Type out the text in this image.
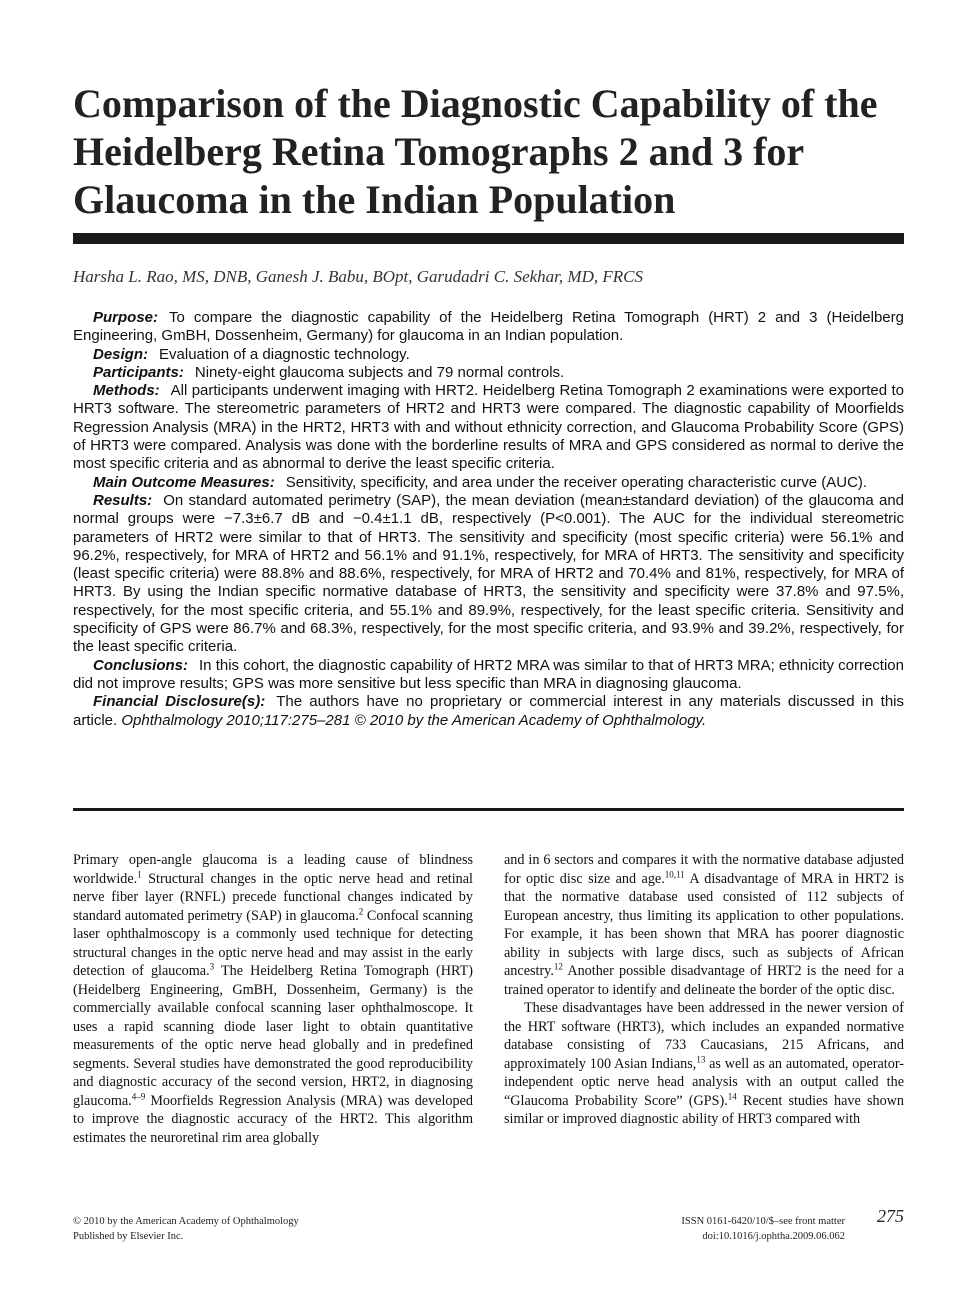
Comparison of the Diagnostic Capability of the Heidelberg Retina Tomographs 2 and 3 for Glaucoma in the Indian Population
Harsha L. Rao, MS, DNB, Ganesh J. Babu, BOpt, Garudadri C. Sekhar, MD, FRCS

Purpose: To compare the diagnostic capability of the Heidelberg Retina Tomograph (HRT) 2 and 3 (Heidelberg Engineering, GmBH, Dossenheim, Germany) for glaucoma in an Indian population.

Design: Evaluation of a diagnostic technology.

Participants: Ninety-eight glaucoma subjects and 79 normal controls.

Methods: All participants underwent imaging with HRT2. Heidelberg Retina Tomograph 2 examinations were exported to HRT3 software. The stereometric parameters of HRT2 and HRT3 were compared. The diagnostic capability of Moorfields Regression Analysis (MRA) in the HRT2, HRT3 with and without ethnicity correction, and Glaucoma Probability Score (GPS) of HRT3 were compared. Analysis was done with the borderline results of MRA and GPS considered as normal to derive the most specific criteria and as abnormal to derive the least specific criteria.

Main Outcome Measures: Sensitivity, specificity, and area under the receiver operating characteristic curve (AUC).

Results: On standard automated perimetry (SAP), the mean deviation (mean±standard deviation) of the glaucoma and normal groups were −7.3±6.7 dB and −0.4±1.1 dB, respectively (P<0.001). The AUC for the individual stereometric parameters of HRT2 were similar to that of HRT3. The sensitivity and specificity (most specific criteria) were 56.1% and 96.2%, respectively, for MRA of HRT2 and 56.1% and 91.1%, respectively, for MRA of HRT3. The sensitivity and specificity (least specific criteria) were 88.8% and 88.6%, respectively, for MRA of HRT2 and 70.4% and 81%, respectively, for MRA of HRT3. By using the Indian specific normative database of HRT3, the sensitivity and specificity were 37.8% and 97.5%, respectively, for the most specific criteria, and 55.1% and 89.9%, respectively, for the least specific criteria. Sensitivity and specificity of GPS were 86.7% and 68.3%, respectively, for the most specific criteria, and 93.9% and 39.2%, respectively, for the least specific criteria.

Conclusions: In this cohort, the diagnostic capability of HRT2 MRA was similar to that of HRT3 MRA; ethnicity correction did not improve results; GPS was more sensitive but less specific than MRA in diagnosing glaucoma.

Financial Disclosure(s): The authors have no proprietary or commercial interest in any materials discussed in this article. Ophthalmology 2010;117:275–281 © 2010 by the American Academy of Ophthalmology.

Primary open-angle glaucoma is a leading cause of blindness worldwide.$^1$ Structural changes in the optic nerve head and retinal nerve fiber layer (RNFL) precede functional changes indicated by standard automated perimetry (SAP) in glaucoma.$^2$ Confocal scanning laser ophthalmoscopy is a commonly used technique for detecting structural changes in the optic nerve head and may assist in the early detection of glaucoma.$^3$ The Heidelberg Retina Tomograph (HRT) (Heidelberg Engineering, GmBH, Dossenheim, Germany) is the commercially available confocal scanning laser ophthalmoscope. It uses a rapid scanning diode laser light to obtain quantitative measurements of the optic nerve head globally and in predefined segments. Several studies have demonstrated the good reproducibility and diagnostic accuracy of the second version, HRT2, in diagnosing glaucoma.$^{4-9}$ Moorfields Regression Analysis (MRA) was developed to improve the diagnostic accuracy of the HRT2. This algorithm estimates the neuroretinal rim area globally

and in 6 sectors and compares it with the normative database adjusted for optic disc size and age.$^{10,11}$ A disadvantage of MRA in HRT2 is that the normative database used consisted of 112 subjects of European ancestry, thus limiting its application to other populations. For example, it has been shown that MRA has poorer diagnostic ability in subjects with large discs, such as subjects of African ancestry.$^{12}$ Another possible disadvantage of HRT2 is the need for a trained operator to identify and delineate the border of the optic disc.

These disadvantages have been addressed in the newer version of the HRT software (HRT3), which includes an expanded normative database consisting of 733 Caucasians, 215 Africans, and approximately 100 Asian Indians,$^{13}$ as well as an automated, operator-independent optic nerve head analysis with an output called the “Glaucoma Probability Score” (GPS).$^{14}$ Recent studies have shown similar or improved diagnostic ability of HRT3 compared with

© 2010 by the American Academy of Ophthalmology
Published by Elsevier Inc.
ISSN 0161-6420/10/$–see front matter
doi:10.1016/j.ophtha.2009.06.062
275
